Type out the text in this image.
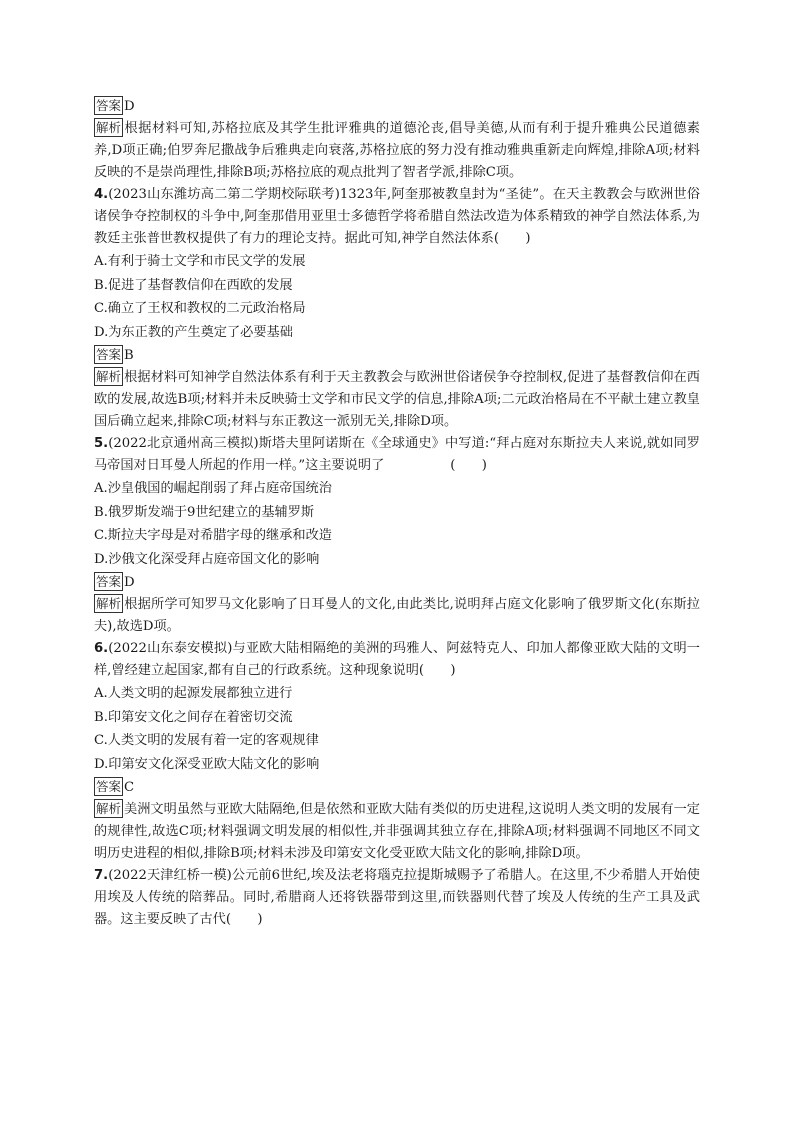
答案 D
解析 根据材料可知,苏格拉底及其学生批评雅典的道德沦丧,倡导美德,从而有利于提升雅典公民道德素养,D项正确;伯罗奔尼撒战争后雅典走向衰落,苏格拉底的努力没有推动雅典重新走向辉煌,排除A项;材料反映的不是崇尚理性,排除B项;苏格拉底的观点批判了智者学派,排除C项。
4.(2023山东潍坊高二第二学期校际联考)1323年,阿奎那被教皇封为“圣徒”。在天主教教会与欧洲世俗诸侯争夺控制权的斗争中,阿奎那借用亚里士多德哲学将希腊自然法改造为体系精致的神学自然法体系,为教廷主张普世教权提供了有力的理论支持。据此可知,神学自然法体系(　　)
A.有利于骑士文学和市民文学的发展
B.促进了基督教信仰在西欧的发展
C.确立了王权和教权的二元政治格局
D.为东正教的产生奠定了必要基础
答案 B
解析 根据材料可知神学自然法体系有利于天主教教会与欧洲世俗诸侯争夺控制权,促进了基督教信仰在西欧的发展,故选B项;材料并未反映骑士文学和市民文学的信息,排除A项;二元政治格局在不平献土建立教皇国后确立起来,排除C项;材料与东正教这一派别无关,排除D项。
5.(2022北京通州高三模拟)斯塔夫里阿诺斯在《全球通史》中写道:“拜占庭对东斯拉夫人来说,就如同罗马帝国对日耳曼人所起的作用一样。”这主要说明了　　　　　(　　)
A.沙皇俄国的崛起削弱了拜占庭帝国统治
B.俄罗斯发端于9世纪建立的基辅罗斯
C.斯拉夫字母是对希腊字母的继承和改造
D.沙俄文化深受拜占庭帝国文化的影响
答案 D
解析 根据所学可知罗马文化影响了日耳曼人的文化,由此类比,说明拜占庭文化影响了俄罗斯文化(东斯拉夫),故选D项。
6.(2022山东泰安模拟)与亚欧大陆相隔绝的美洲的玛雅人、阿兹特克人、印加人都像亚欧大陆的文明一样,曾经建立起国家,都有自己的行政系统。这种现象说明(　　)
A.人类文明的起源发展都独立进行
B.印第安文化之间存在着密切交流
C.人类文明的发展有着一定的客观规律
D.印第安文化深受亚欧大陆文化的影响
答案 C
解析 美洲文明虽然与亚欧大陆隔绝,但是依然和亚欧大陆有类似的历史进程,这说明人类文明的发展有一定的规律性,故选C项;材料强调文明发展的相似性,并非强调其独立存在,排除A项;材料强调不同地区不同文明历史进程的相似,排除B项;材料未涉及印第安文化受亚欧大陆文化的影响,排除D项。
7.(2022天津红桥一模)公元前6世纪,埃及法老将瑙克拉提斯城赐予了希腊人。在这里,不少希腊人开始使用埃及人传统的陪葬品。同时,希腊商人还将铁器带到这里,而铁器则代替了埃及人传统的生产工具及武器。这主要反映了古代(　　)
